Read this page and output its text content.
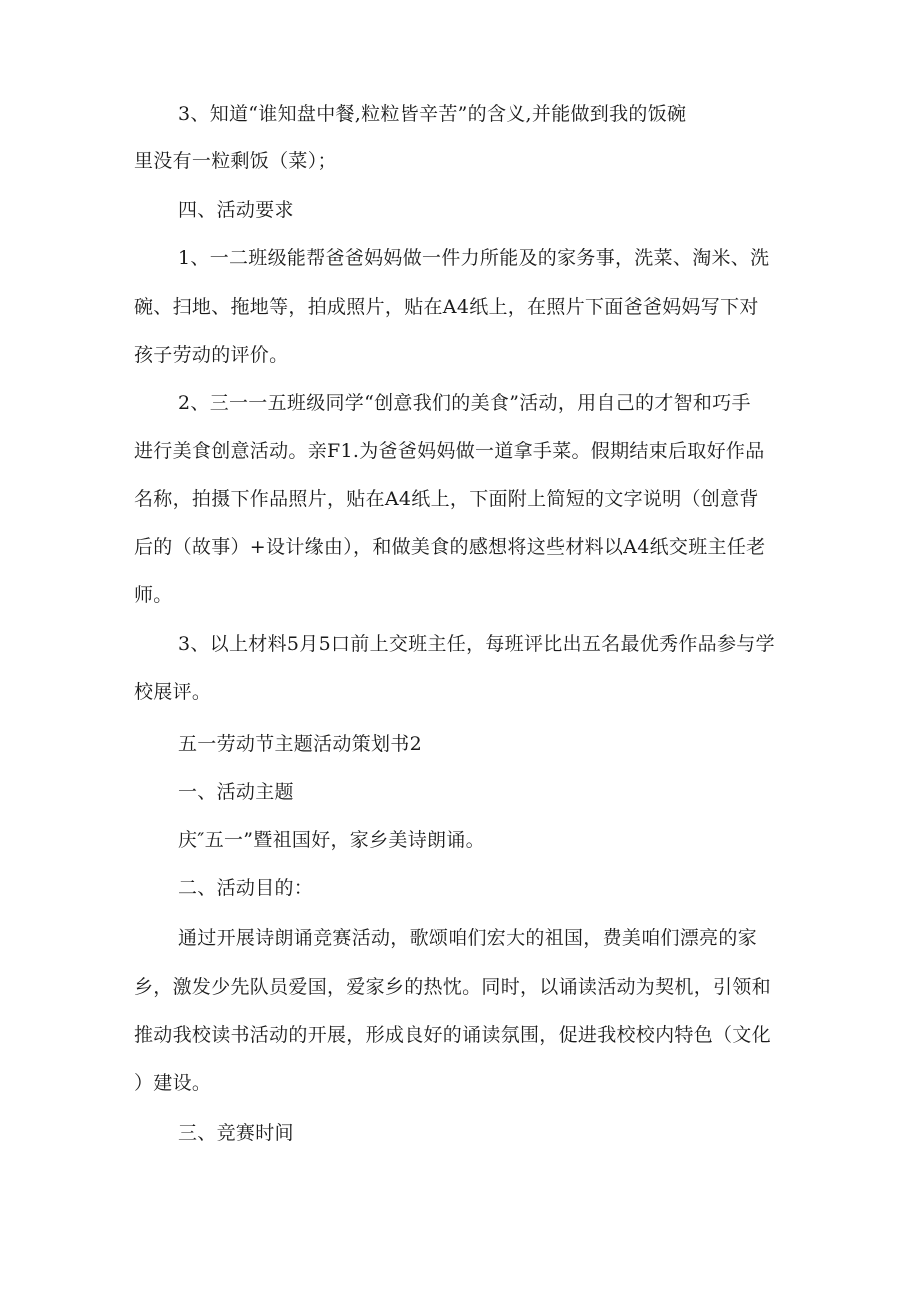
3、知道“谁知盘中餐,粒粒皆辛苦”的含义,并能做到我的饭碗
里没有一粒剩饭（菜）；
四、活动要求
1、一二班级能帮爸爸妈妈做一件力所能及的家务事，洗菜、淘米、洗
碗、扫地、拖地等，拍成照片，贴在A4纸上，在照片下面爸爸妈妈写下对
孩子劳动的评价。
2、三一一五班级同学“创意我们的美食”活动，用自己的才智和巧手
进行美食创意活动。亲F1.为爸爸妈妈做一道拿手菜。假期结束后取好作品
名称，拍摄下作品照片，贴在A4纸上，下面附上简短的文字说明（创意背
后的（故事）+设计缘由），和做美食的感想将这些材料以A4纸交班主任老
师。
3、以上材料5月5口前上交班主任，每班评比出五名最优秀作品参与学
校展评。
五一劳动节主题活动策划书2
一、活动主题
庆″五一”暨祖国好，家乡美诗朗诵。
二、活动目的：
通过开展诗朗诵竞赛活动，歌颂咱们宏大的祖国，费美咱们漂亮的家
乡，激发少先队员爱国，爱家乡的热忱。同时，以诵读活动为契机，引领和
推动我校读书活动的开展，形成良好的诵读氛围，促进我校校内特色（文化
）建设。
三、竞赛时间
